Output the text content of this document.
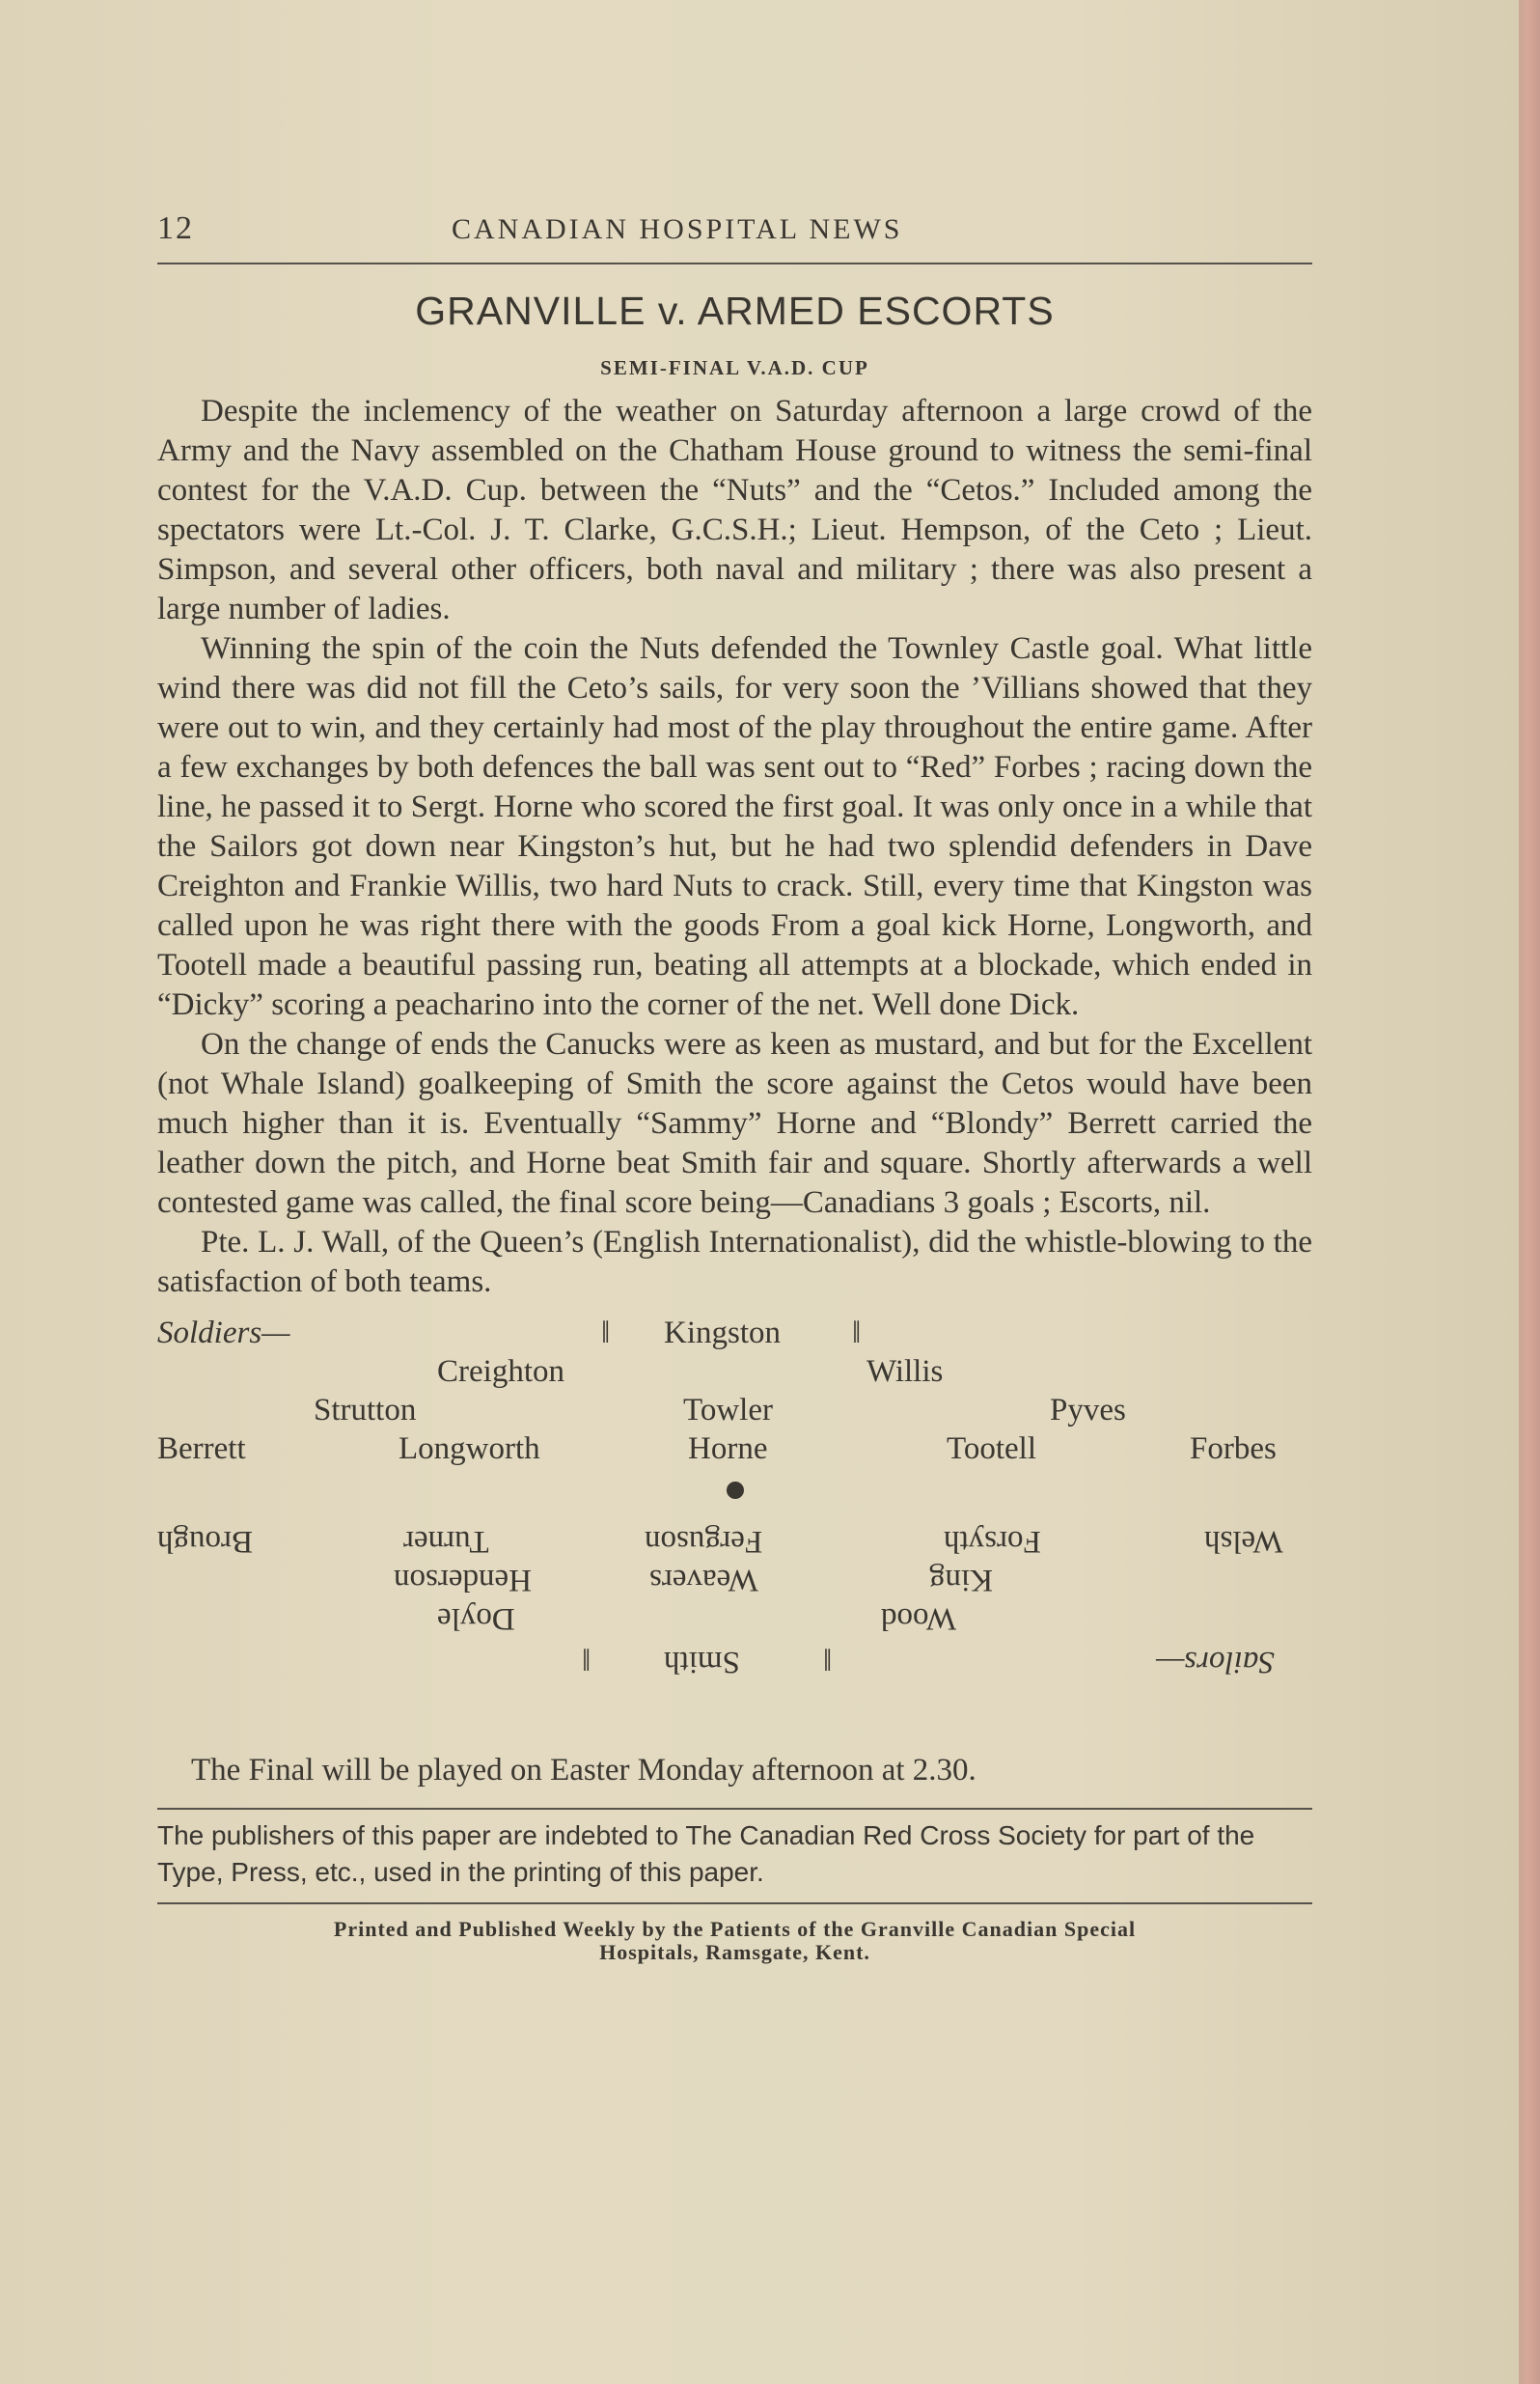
12	CANADIAN HOSPITAL NEWS
GRANVILLE v. ARMED ESCORTS
SEMI-FINAL V.A.D. CUP

Despite the inclemency of the weather on Saturday afternoon a large crowd of the Army and the Navy assembled on the Chatham House ground to witness the semi-final contest for the V.A.D. Cup. between the “Nuts” and the “Cetos.” Included among the spectators were Lt.-Col. J. T. Clarke, G.C.S.H.; Lieut. Hempson, of the Ceto ; Lieut. Simpson, and several other officers, both naval and military ; there was also present a large number of ladies.

Winning the spin of the coin the Nuts defended the Townley Castle goal. What little wind there was did not fill the Ceto’s sails, for very soon the ’Villians showed that they were out to win, and they certainly had most of the play throughout the entire game. After a few exchanges by both defences the ball was sent out to “Red” Forbes ; racing down the line, he passed it to Sergt. Horne who scored the first goal. It was only once in a while that the Sailors got down near Kingston’s hut, but he had two splendid defenders in Dave Creighton and Frankie Willis, two hard Nuts to crack. Still, every time that Kingston was called upon he was right there with the goods From a goal kick Horne, Longworth, and Tootell made a beautiful passing run, beating all attempts at a blockade, which ended in “Dicky” scoring a peacharino into the corner of the net. Well done Dick.

On the change of ends the Canucks were as keen as mustard, and but for the Excellent (not Whale Island) goalkeeping of Smith the score against the Cetos would have been much higher than it is. Eventually “Sammy” Horne and “Blondy” Berrett carried the leather down the pitch, and Horne beat Smith fair and square. Shortly afterwards a well contested game was called, the final score being—Canadians 3 goals ; Escorts, nil.

Pte. L. J. Wall, of the Queen’s (English Internationalist), did the whistle-blowing to the satisfaction of both teams.

Soldiers—	‖ Kingston ‖
Creighton	Willis
Strutton	Towler	Pyves
Berrett	Longworth	Horne	Tootell	Forbes
Brough	Turner	Ferguson	Forsyth	Welsh
Henderson	Weavers	King
Doyle	Wood
‖ Smith	‖	Sailors—
The Final will be played on Easter Monday afternoon at 2.30.
The publishers of this paper are indebted to The Canadian Red Cross Society for part of the Type, Press, etc., used in the printing of this paper.
Printed and Published Weekly by the Patients of the Granville Canadian Special
Hospitals, Ramsgate, Kent.
